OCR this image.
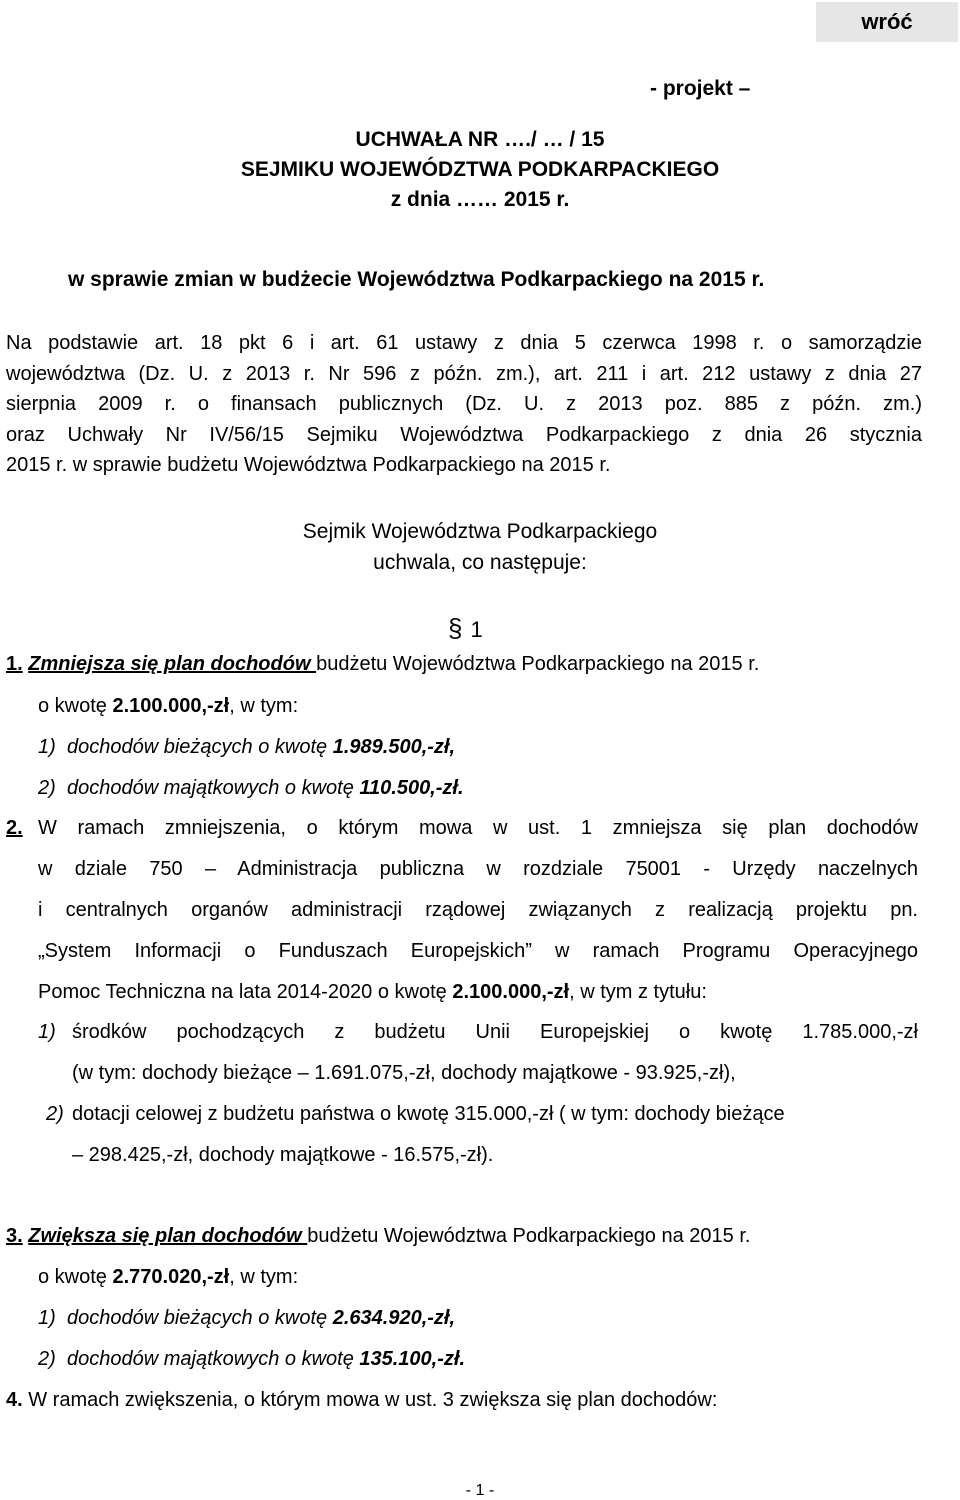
wróć
- projekt –
UCHWAŁA NR …./ … / 15
SEJMIKU WOJEWÓDZTWA PODKARPACKIEGO
z dnia …… 2015 r.
w sprawie zmian w budżecie Województwa Podkarpackiego na 2015 r.

Na podstawie art. 18 pkt 6 i art. 61 ustawy z dnia 5 czerwca 1998 r. o samorządzie

województwa (Dz. U. z 2013 r. Nr 596 z późn. zm.), art. 211 i art. 212 ustawy z dnia 27

sierpnia 2009 r. o finansach publicznych (Dz. U. z 2013 poz. 885 z późn. zm.)

oraz Uchwały Nr IV/56/15 Sejmiku Województwa Podkarpackiego z dnia 26 stycznia

2015 r. w sprawie budżetu Województwa Podkarpackiego na 2015 r.

Sejmik Województwa Podkarpackiego
uchwala, co następuje:
§ 1
1. Zmniejsza się plan dochodów budżetu Województwa Podkarpackiego na 2015 r.
o kwotę 2.100.000,-zł, w tym:
1) dochodów bieżących o kwotę 1.989.500,-zł,
2) dochodów majątkowych o kwotę 110.500,-zł.
2. W ramach zmniejszenia, o którym mowa w ust. 1 zmniejsza się plan dochodów
w dziale 750 – Administracja publiczna w rozdziale 75001 - Urzędy naczelnych
i centralnych organów administracji rządowej związanych z realizacją projektu pn.
„System Informacji o Funduszach Europejskich” w ramach Programu Operacyjnego
Pomoc Techniczna na lata 2014-2020 o kwotę 2.100.000,-zł, w tym z tytułu:
1) środków pochodzących z budżetu Unii Europejskiej o kwotę 1.785.000,-zł
(w tym: dochody bieżące – 1.691.075,-zł, dochody majątkowe - 93.925,-zł),
2) dotacji celowej z budżetu państwa o kwotę 315.000,-zł ( w tym: dochody bieżące
– 298.425,-zł, dochody majątkowe - 16.575,-zł).
3. Zwiększa się plan dochodów budżetu Województwa Podkarpackiego na 2015 r.
o kwotę 2.770.020,-zł, w tym:
1) dochodów bieżących o kwotę 2.634.920,-zł,
2) dochodów majątkowych o kwotę 135.100,-zł.
4. W ramach zwiększenia, o którym mowa w ust. 3 zwiększa się plan dochodów:
- 1 -
